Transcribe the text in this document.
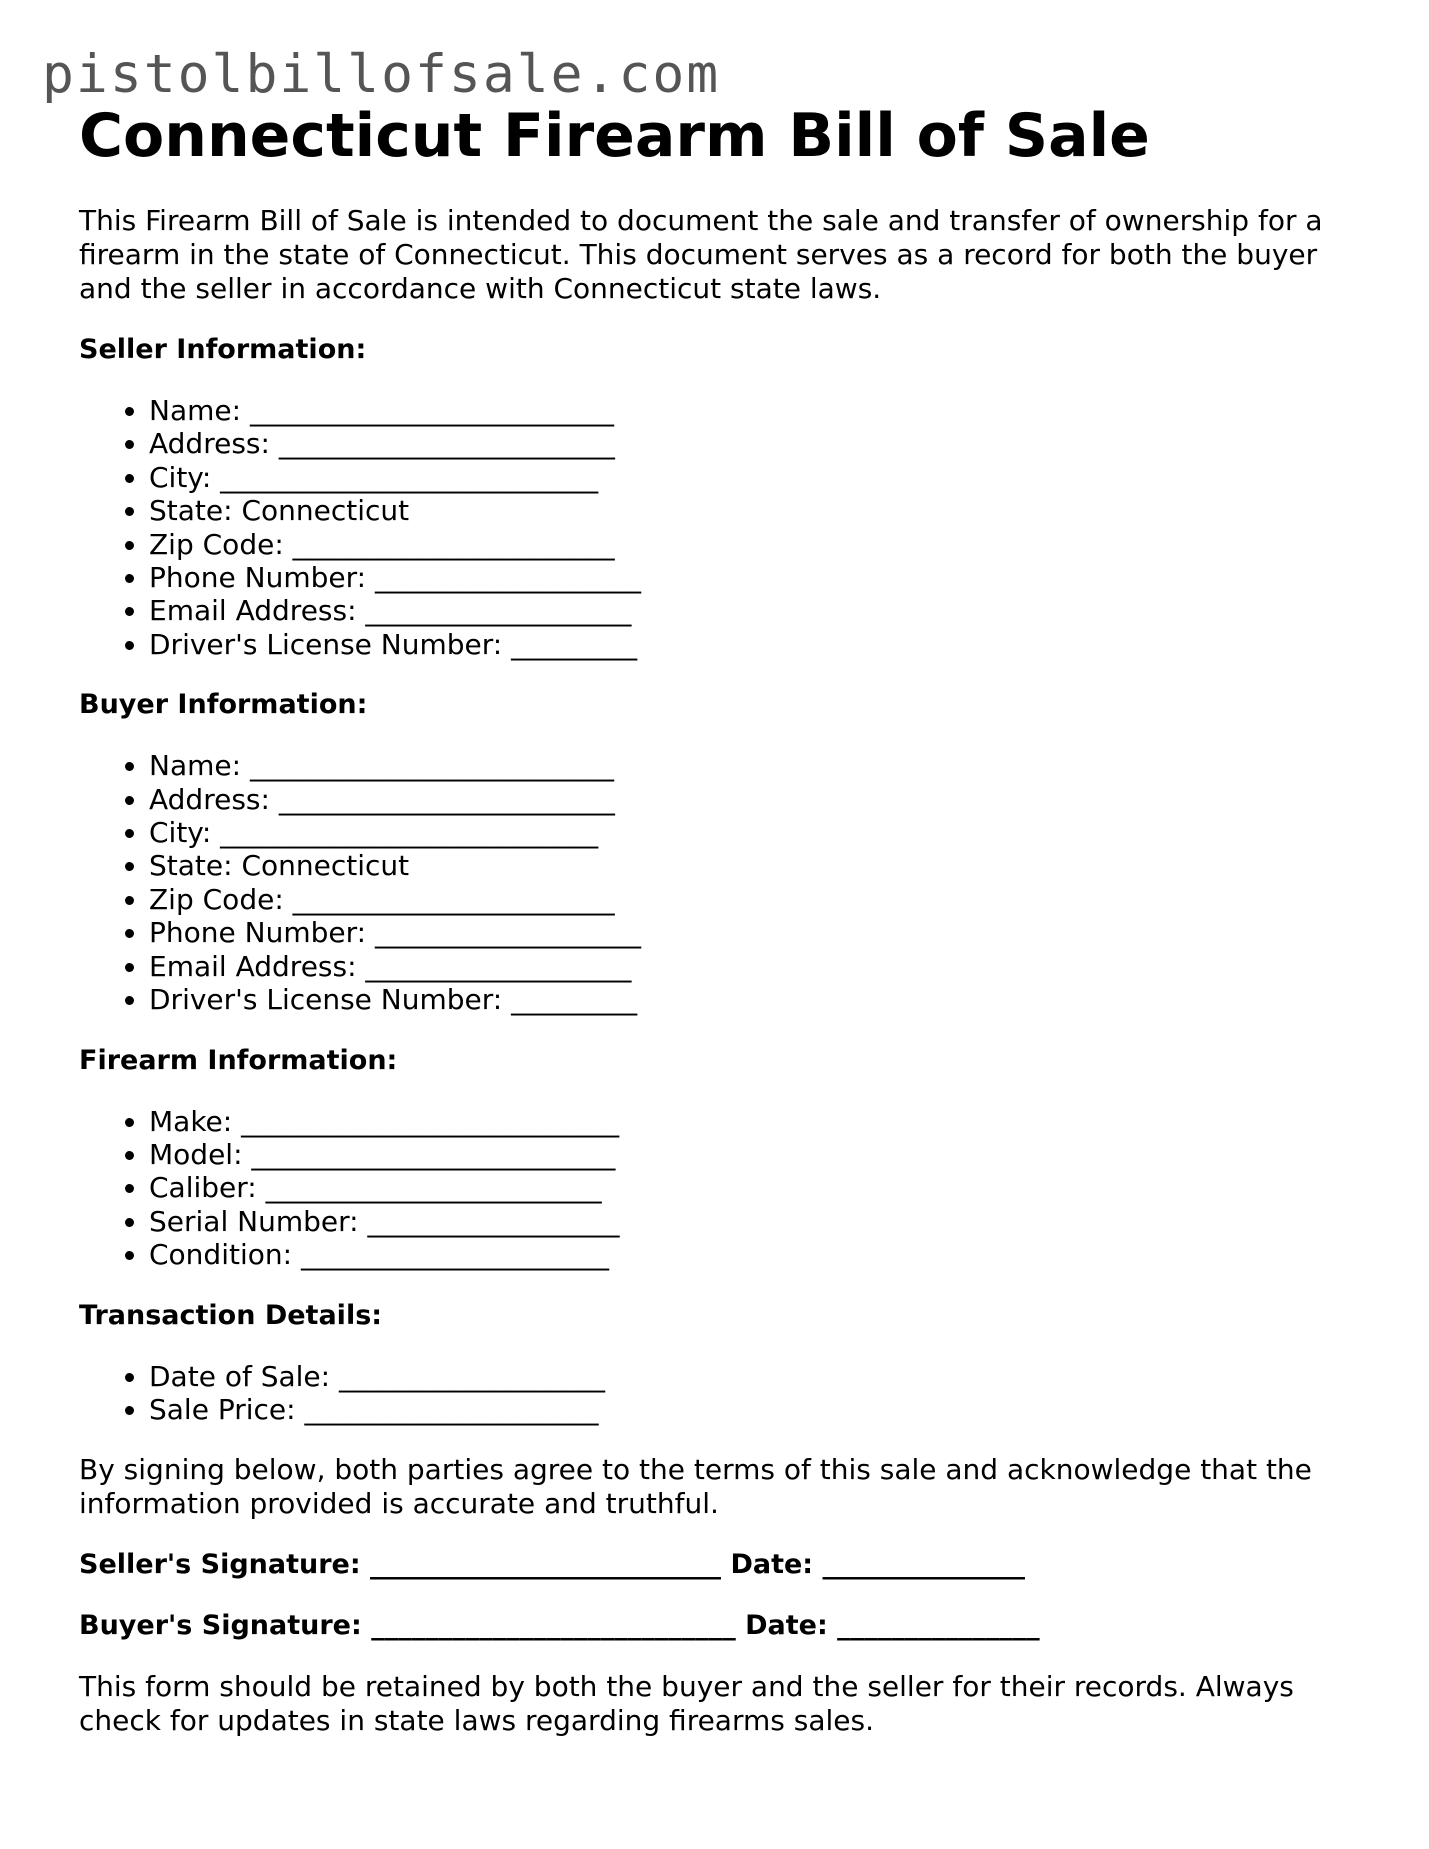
pistolbillofsale.com
Connecticut Firearm Bill of Sale

This Firearm Bill of Sale is intended to document the sale and transfer of ownership for a firearm in the state of Connecticut. This document serves as a record for both the buyer and the seller in accordance with Connecticut state laws.

Seller Information:
• Name: __________________________
• Address: ________________________
• City: ___________________________
• State: Connecticut
• Zip Code: _______________________
• Phone Number: ___________________
• Email Address: ___________________
• Driver's License Number: _________
Buyer Information:
• Name: __________________________
• Address: ________________________
• City: ___________________________
• State: Connecticut
• Zip Code: _______________________
• Phone Number: ___________________
• Email Address: ___________________
• Driver's License Number: _________
Firearm Information:
• Make: ___________________________
• Model: __________________________
• Caliber: ________________________
• Serial Number: __________________
• Condition: ______________________
Transaction Details:
• Date of Sale: ___________________
• Sale Price: _____________________

By signing below, both parties agree to the terms of this sale and acknowledge that the information provided is accurate and truthful.

Seller's Signature: __________________________ Date: _______________
Buyer's Signature: ___________________________ Date: _______________

This form should be retained by both the buyer and the seller for their records. Always check for updates in state laws regarding firearms sales.
